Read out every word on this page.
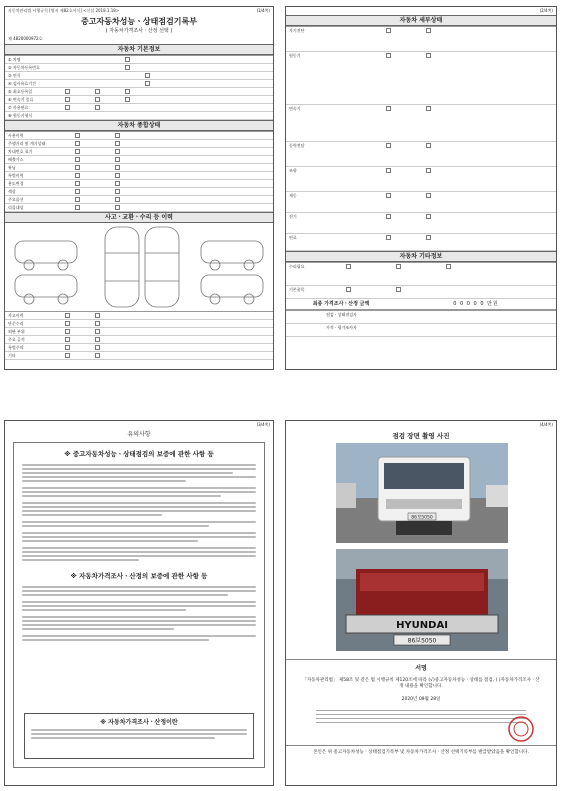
자동차관리법 시행규칙 [별지 제82호서식] <신설 2018.1.18>	(1/4쪽)
중고자동차성능ㆍ상태점검기록부
( 자동차가격조사ㆍ산정 선택 )
제 4820000972호
자동차 기본정보
① 차명
② 자동차등록번호
③ 연식
④ 검사유효기간
⑤ 최초등록일
⑥ 변속기 종류
⑦ 사용연료
⑧ 원동기형식
자동차 종합상태
사용이력
주행거리 및 계기상태
차대번호 표기
배출가스
튜닝
특별이력
용도변경
색상
주요옵션
리콜대상
사고ㆍ교환ㆍ수리 등 이력
사고이력
단순수리
외판 부위
주요 골격
특별주의
기타
(2/4쪽)
자동차 세부상태
자기진단
원동기
변속기
동력전달
조향
제동
전기
연료
자동차 기타정보
수리필요
기본품목
최종 가격조사ㆍ산정 금액	0 0 0 0 0 만원
점검ㆍ상태점검자
가격ㆍ평가조사자
(3/4쪽)
유의사항
※ 중고자동차성능ㆍ상태점검의 보증에 관한 사항 등
※ 자동차가격조사ㆍ산정의 보증에 관한 사항 등
※ 자동차가격조사ㆍ산정이란
(4/4쪽)
점검 장면 촬영 사진
86보5050
HYUNDAI
86보5050
서명
「자동차관리법」 제58조 및 같은 법 시행규칙 제120조에 따라 (√)중고자동차성능ㆍ상태를 점검, ( )자동차가격조사ㆍ산정 내용을 확인합니다.
2020년 09월 28일
본인은 위 중고자동차성능ㆍ상태점검기록부 및 자동차가격조사ㆍ산정 선택기록부를 발급받았음을 확인합니다.
